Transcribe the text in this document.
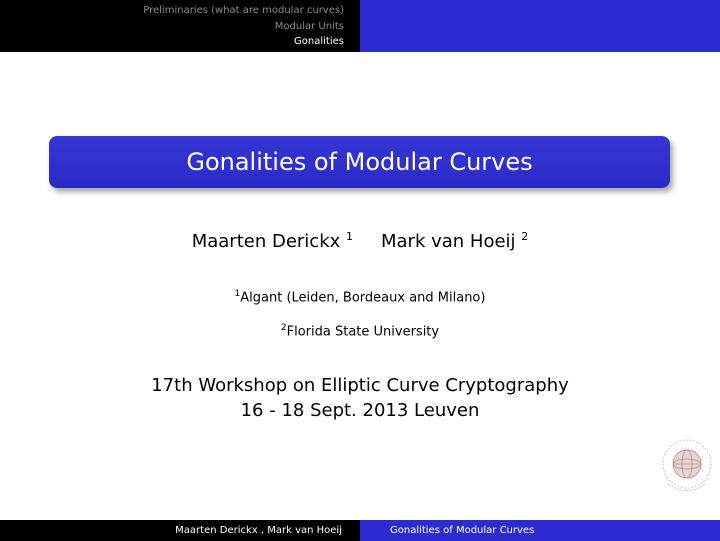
Preliminaries (what are modular curves)
Modular Units
Gonalities
Gonalities of Modular Curves
Maarten Derickx $^1$ Mark van Hoeij $^2$
$^1$Algant (Leiden, Bordeaux and Milano)
$^2$Florida State University
17th Workshop on Elliptic Curve Cryptography
16 - 18 Sept. 2013 Leuven
Maarten Derickx , Mark van Hoeij	Gonalities of Modular Curves
